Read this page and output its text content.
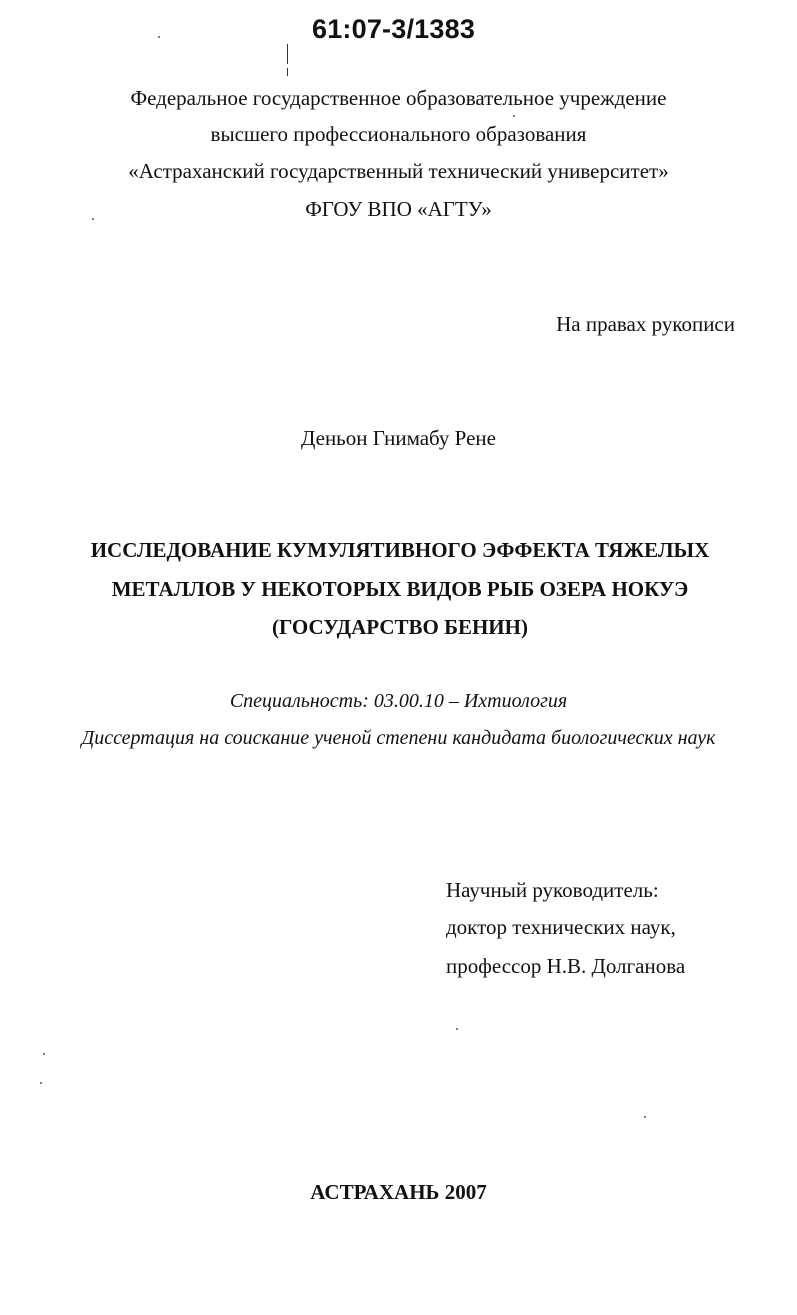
61:07-3/1383
Федеральное государственное образовательное учреждение
высшего профессионального образования
«Астраханский государственный технический университет»
ФГОУ ВПО «АГТУ»
На правах рукописи
Деньон Гнимабу Рене
ИССЛЕДОВАНИЕ КУМУЛЯТИВНОГО ЭФФЕКТА ТЯЖЕЛЫХ
МЕТАЛЛОВ У НЕКОТОРЫХ ВИДОВ РЫБ ОЗЕРА НОКУЭ
(ГОСУДАРСТВО БЕНИН)
Специальность: 03.00.10 – Ихтиология
Диссертация на соискание ученой степени кандидата биологических наук
Научный руководитель:
доктор технических наук,
профессор Н.В. Долганова
АСТРАХАНЬ 2007
